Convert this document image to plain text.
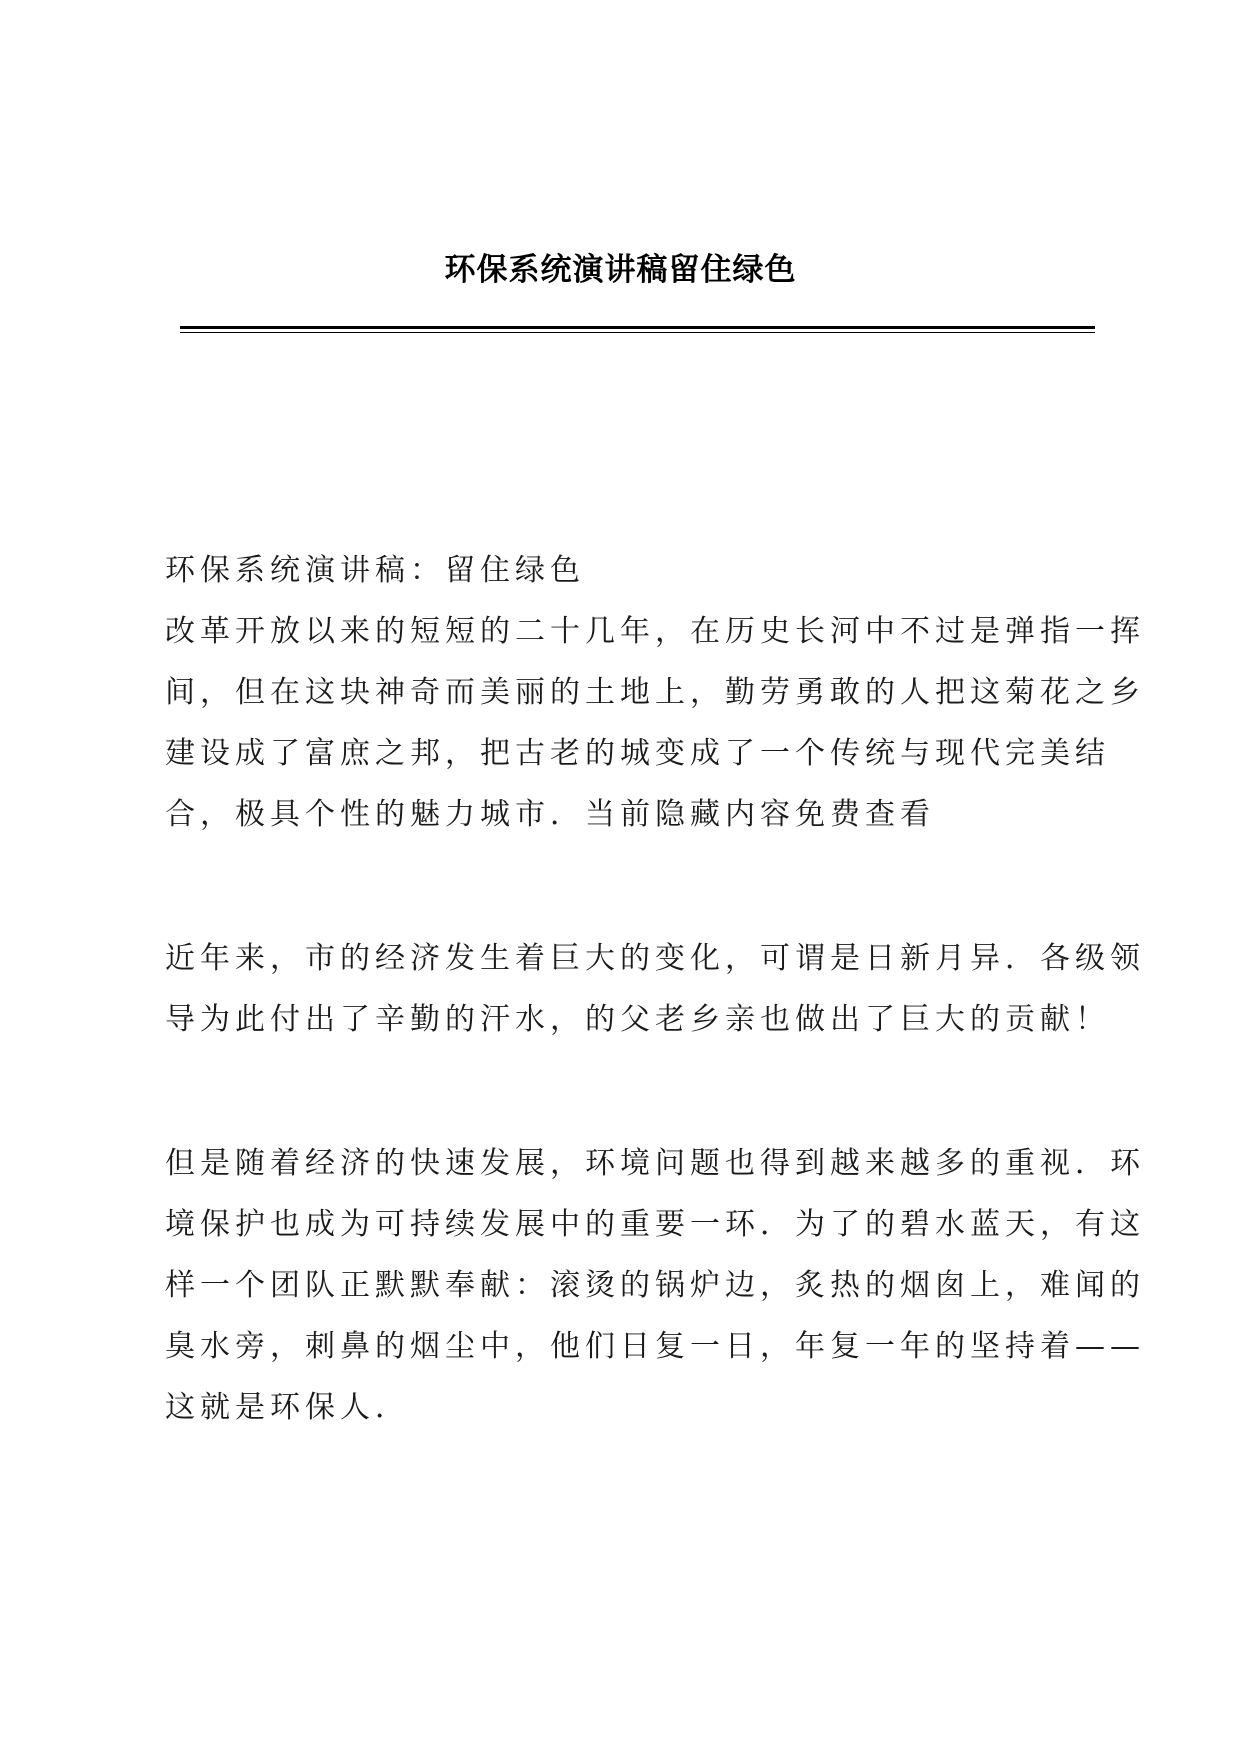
环保系统演讲稿留住绿色
环保系统演讲稿：留住绿色
改革开放以来的短短的二十几年，在历史长河中不过是弹指一挥
间，但在这块神奇而美丽的土地上，勤劳勇敢的人把这菊花之乡
建设成了富庶之邦，把古老的城变成了一个传统与现代完美结
合，极具个性的魅力城市．当前隐藏内容免费查看
近年来，市的经济发生着巨大的变化，可谓是日新月异．各级领
导为此付出了辛勤的汗水，的父老乡亲也做出了巨大的贡献！
但是随着经济的快速发展，环境问题也得到越来越多的重视．环
境保护也成为可持续发展中的重要一环．为了的碧水蓝天，有这
样一个团队正默默奉献：滚烫的锅炉边，炙热的烟囱上，难闻的
臭水旁，刺鼻的烟尘中，他们日复一日，年复一年的坚持着——
这就是环保人．
